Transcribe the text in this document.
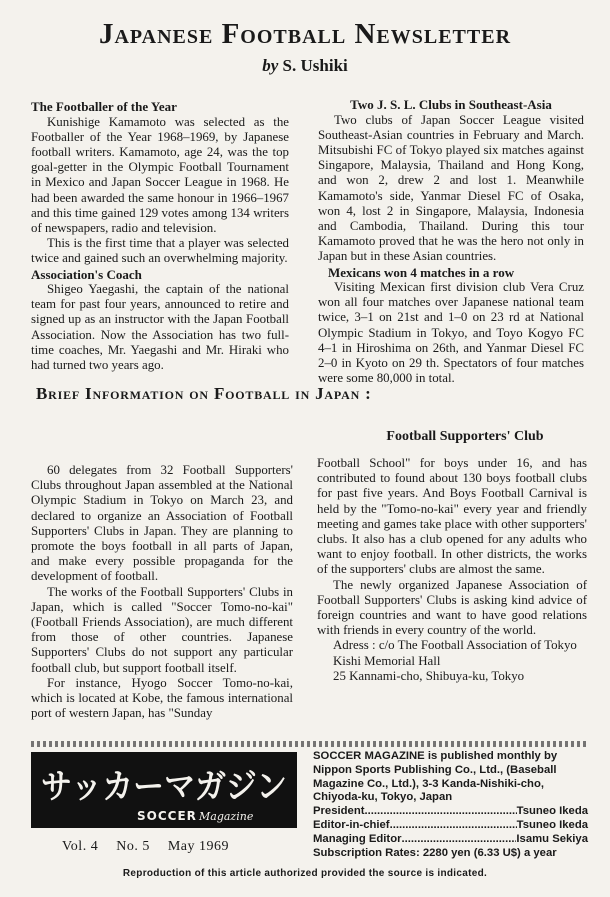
Japanese Football Newsletter
by S. Ushiki
The Footballer of the Year

Kunishige Kamamoto was selected as the Footballer of the Year 1968–1969, by Japanese football writers. Kamamoto, age 24, was the top goal-getter in the Olympic Football Tournament in Mexico and Japan Soccer League in 1968. He had been awarded the same honour in 1966–1967 and this time gained 129 votes among 134 writers of newspapers, radio and television.

This is the first time that a player was selected twice and gained such an overwhelming majority.

Association's Coach

Shigeo Yaegashi, the captain of the national team for past four years, announced to retire and signed up as an instructor with the Japan Football Association. Now the Association has two full-time coaches, Mr. Yaegashi and Mr. Hiraki who had turned two years ago.

Two J. S. L. Clubs in Southeast-Asia

Two clubs of Japan Soccer League visited Southeast-Asian countries in February and March. Mitsubishi FC of Tokyo played six matches against Singapore, Malaysia, Thailand and Hong Kong, and won 2, drew 2 and lost 1. Meanwhile Kamamoto's side, Yanmar Diesel FC of Osaka, won 4, lost 2 in Singapore, Malaysia, Indonesia and Cambodia, Thailand. During this tour Kamamoto proved that he was the hero not only in Japan but in these Asian countries.

Mexicans won 4 matches in a row

Visiting Mexican first division club Vera Cruz won all four matches over Japanese national team twice, 3–1 on 21st and 1–0 on 23 rd at National Olympic Stadium in Tokyo, and Toyo Kogyo FC 4–1 in Hiroshima on 26th, and Yanmar Diesel FC 2–0 in Kyoto on 29 th. Spectators of four matches were some 80,000 in total.

Brief Information on Football in Japan :
Football Supporters' Club

60 delegates from 32 Football Supporters' Clubs throughout Japan assembled at the National Olympic Stadium in Tokyo on March 23, and declared to organize an Association of Football Supporters' Clubs in Japan. They are planning to promote the boys football in all parts of Japan, and make every possible propaganda for the development of football.

The works of the Football Supporters' Clubs in Japan, which is called "Soccer Tomo-no-kai" (Football Friends Association), are much different from those of other countries. Japanese Supporters' Clubs do not support any particular football club, but support football itself.

For instance, Hyogo Soccer Tomo-no-kai, which is located at Kobe, the famous international port of western Japan, has "Sunday

Football School" for boys under 16, and has contributed to found about 130 boys football clubs for past five years. And Boys Football Carnival is held by the "Tomo-no-kai" every year and friendly meeting and games take place with other supporters' clubs. It also has a club opened for any adults who want to enjoy football. In other districts, the works of the supporters' clubs are almost the same.

The newly organized Japanese Association of Football Supporters' Clubs is asking kind advice of foreign countries and want to have good relations with friends in every country of the world.

Adress : c/o The Football Association of Tokyo

Kishi Memorial Hall

25 Kannami-cho, Shibuya-ku, Tokyo

サッカーマガジン
SOCCER Magazine
Vol. 4 No. 5 May 1969
SOCCER MAGAZINE is published monthly by
Nippon Sports Publishing Co., Ltd., (Baseball
Magazine Co., Ltd.), 3-3 Kanda-Nishiki-cho,
Chiyoda-ku, Tokyo, Japan
President .....	Tsuneo Ikeda
Editor-in-chief .....	Tsuneo Ikeda
Managing Editor .....	Isamu Sekiya
Subscription Rates: 2280 yen (6.33 U$) a year
Reproduction of this article authorized provided the source is indicated.
